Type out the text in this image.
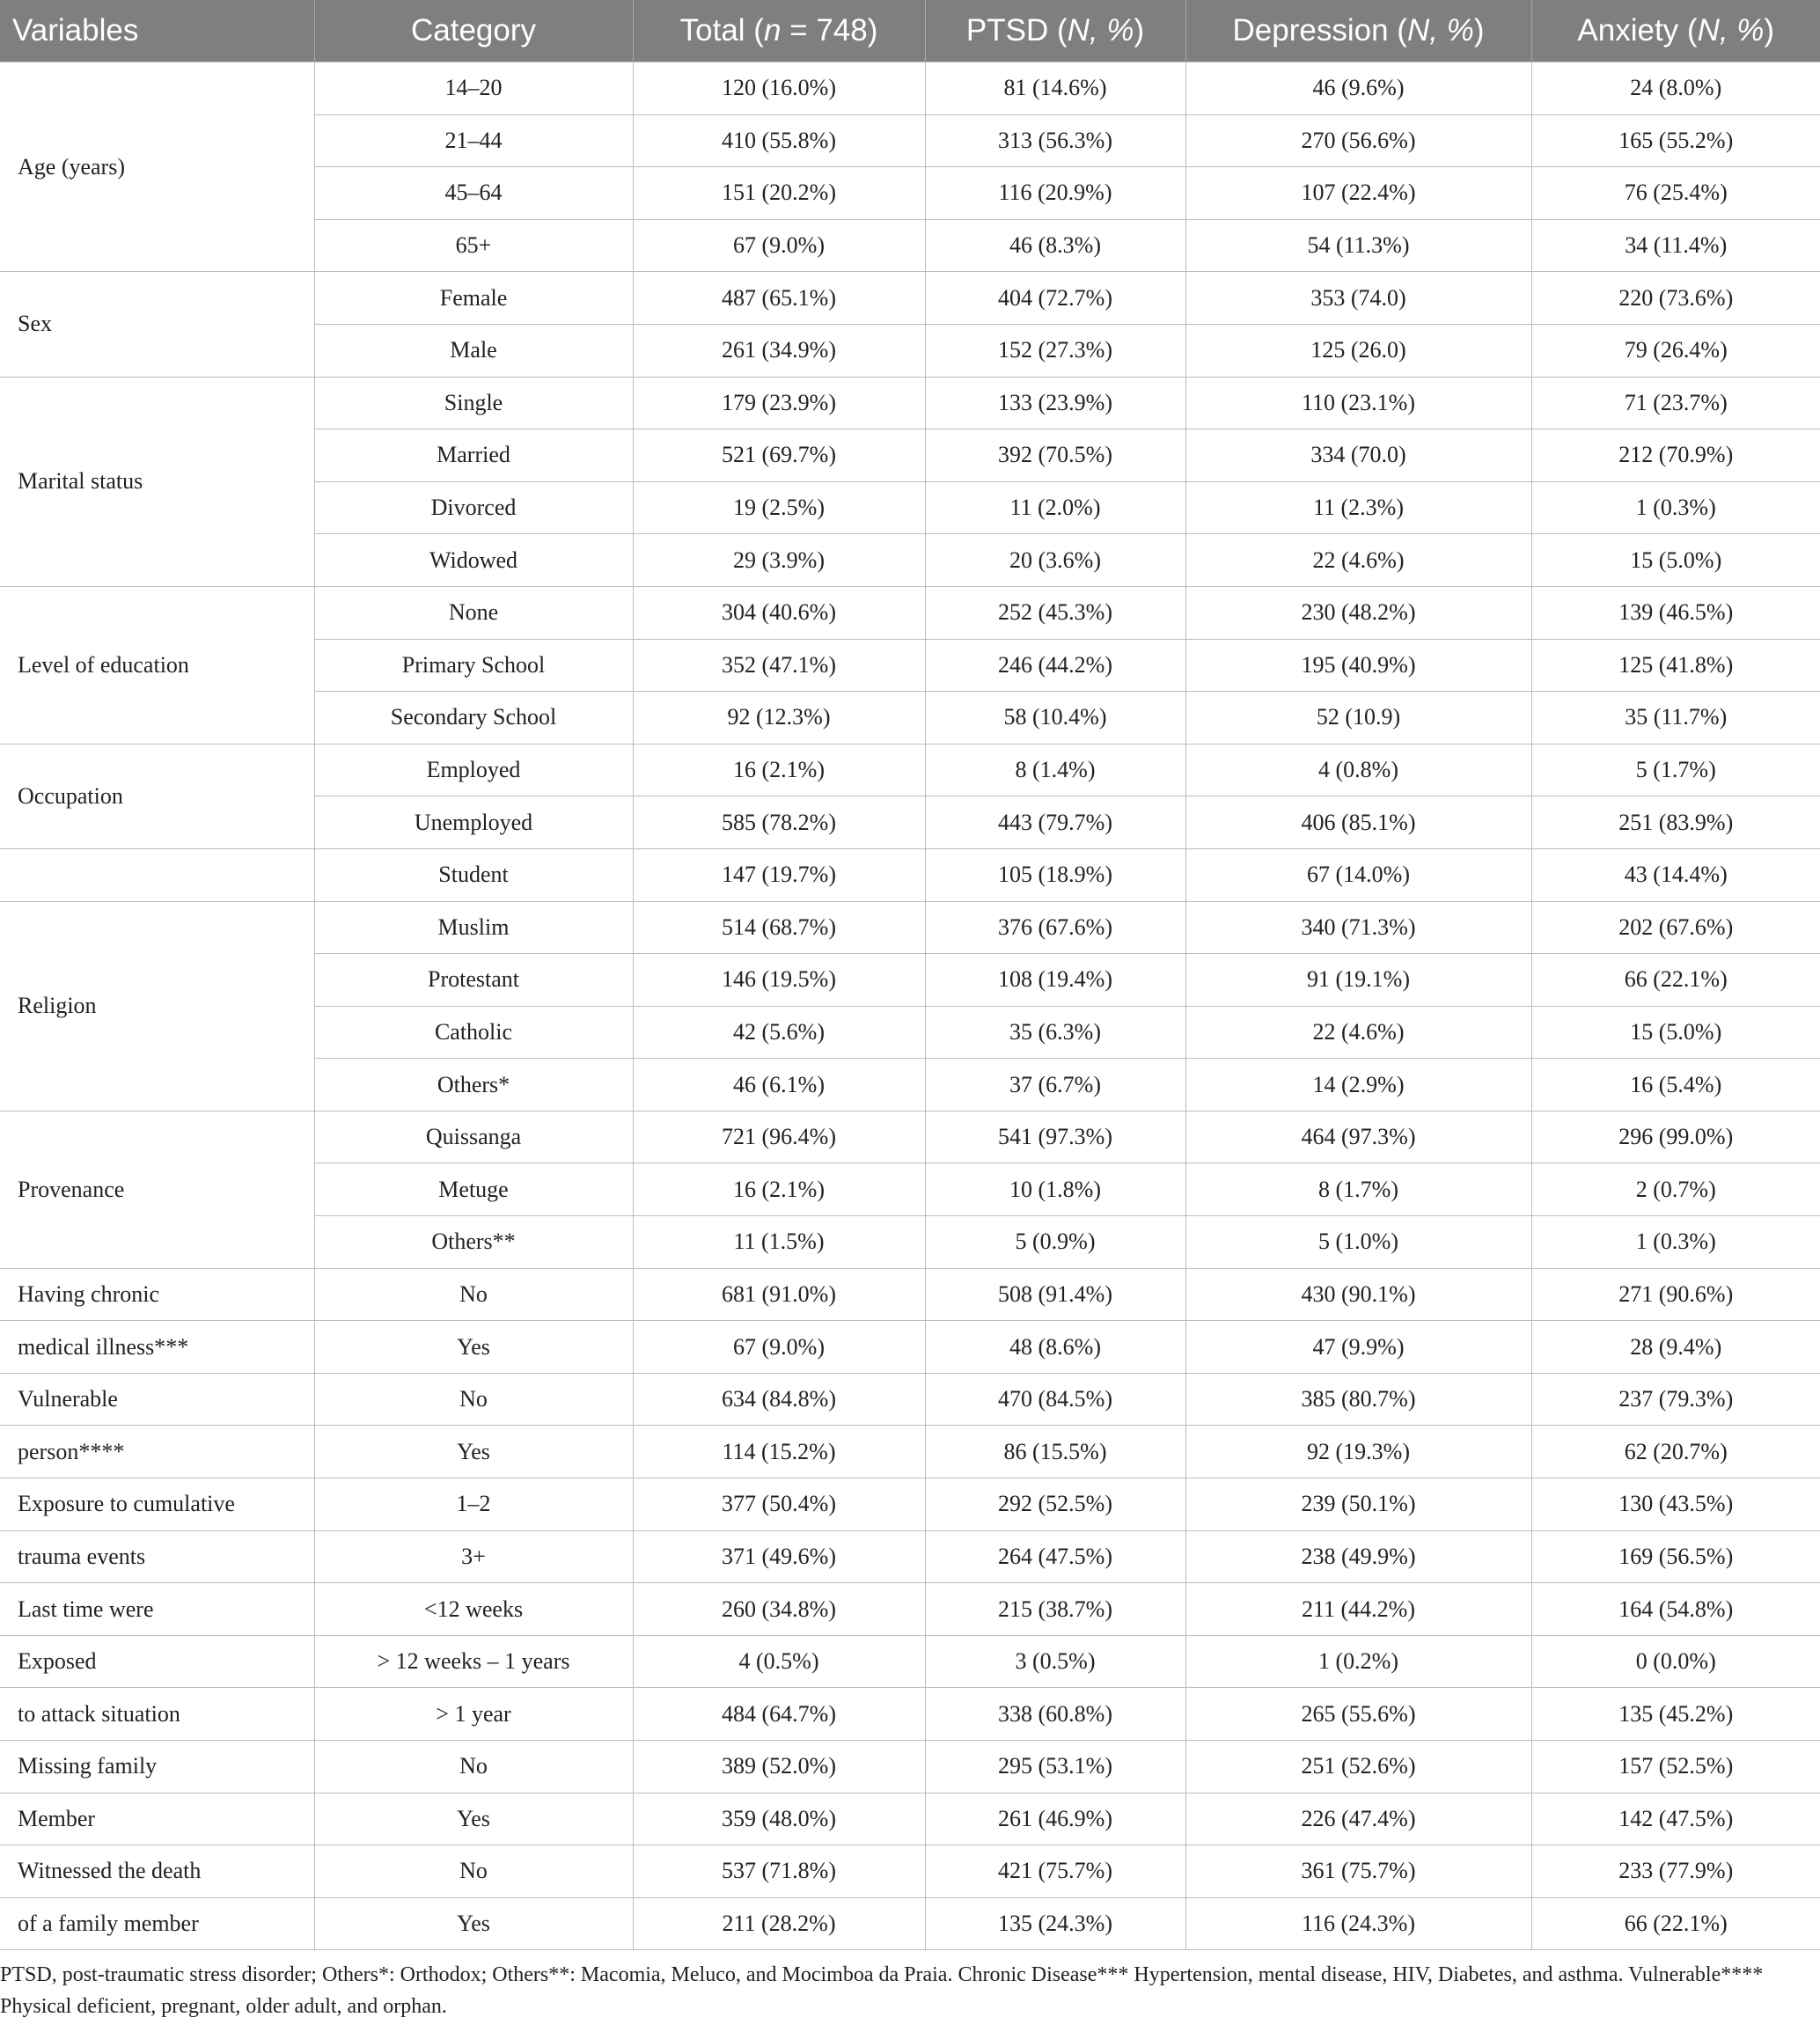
Variables	Category	Total (n = 748)	PTSD (N, %)	Depression (N, %)	Anxiety (N, %)
Age (years)	14–20	120 (16.0%)	81 (14.6%)	46 (9.6%)	24 (8.0%)
	21–44	410 (55.8%)	313 (56.3%)	270 (56.6%)	165 (55.2%)
	45–64	151 (20.2%)	116 (20.9%)	107 (22.4%)	76 (25.4%)
	65+	67 (9.0%)	46 (8.3%)	54 (11.3%)	34 (11.4%)
Sex	Female	487 (65.1%)	404 (72.7%)	353 (74.0)	220 (73.6%)
	Male	261 (34.9%)	152 (27.3%)	125 (26.0)	79 (26.4%)
Marital status	Single	179 (23.9%)	133 (23.9%)	110 (23.1%)	71 (23.7%)
	Married	521 (69.7%)	392 (70.5%)	334 (70.0)	212 (70.9%)
	Divorced	19 (2.5%)	11 (2.0%)	11 (2.3%)	1 (0.3%)
	Widowed	29 (3.9%)	20 (3.6%)	22 (4.6%)	15 (5.0%)
Level of education	None	304 (40.6%)	252 (45.3%)	230 (48.2%)	139 (46.5%)
	Primary School	352 (47.1%)	246 (44.2%)	195 (40.9%)	125 (41.8%)
	Secondary School	92 (12.3%)	58 (10.4%)	52 (10.9)	35 (11.7%)
Occupation	Employed	16 (2.1%)	8 (1.4%)	4 (0.8%)	5 (1.7%)
	Unemployed	585 (78.2%)	443 (79.7%)	406 (85.1%)	251 (83.9%)
	Student	147 (19.7%)	105 (18.9%)	67 (14.0%)	43 (14.4%)
Religion	Muslim	514 (68.7%)	376 (67.6%)	340 (71.3%)	202 (67.6%)
	Protestant	146 (19.5%)	108 (19.4%)	91 (19.1%)	66 (22.1%)
	Catholic	42 (5.6%)	35 (6.3%)	22 (4.6%)	15 (5.0%)
	Others*	46 (6.1%)	37 (6.7%)	14 (2.9%)	16 (5.4%)
Provenance	Quissanga	721 (96.4%)	541 (97.3%)	464 (97.3%)	296 (99.0%)
	Metuge	16 (2.1%)	10 (1.8%)	8 (1.7%)	2 (0.7%)
	Others**	11 (1.5%)	5 (0.9%)	5 (1.0%)	1 (0.3%)
Having chronic	No	681 (91.0%)	508 (91.4%)	430 (90.1%)	271 (90.6%)
medical illness***	Yes	67 (9.0%)	48 (8.6%)	47 (9.9%)	28 (9.4%)
Vulnerable	No	634 (84.8%)	470 (84.5%)	385 (80.7%)	237 (79.3%)
person****	Yes	114 (15.2%)	86 (15.5%)	92 (19.3%)	62 (20.7%)
Exposure to cumulative	1–2	377 (50.4%)	292 (52.5%)	239 (50.1%)	130 (43.5%)
trauma events	3+	371 (49.6%)	264 (47.5%)	238 (49.9%)	169 (56.5%)
Last time were	<12 weeks	260 (34.8%)	215 (38.7%)	211 (44.2%)	164 (54.8%)
Exposed	> 12 weeks – 1 years	4 (0.5%)	3 (0.5%)	1 (0.2%)	0 (0.0%)
to attack situation	> 1 year	484 (64.7%)	338 (60.8%)	265 (55.6%)	135 (45.2%)
Missing family	No	389 (52.0%)	295 (53.1%)	251 (52.6%)	157 (52.5%)
Member	Yes	359 (48.0%)	261 (46.9%)	226 (47.4%)	142 (47.5%)
Witnessed the death	No	537 (71.8%)	421 (75.7%)	361 (75.7%)	233 (77.9%)
of a family member	Yes	211 (28.2%)	135 (24.3%)	116 (24.3%)	66 (22.1%)

PTSD, post-traumatic stress disorder; Others*: Orthodox; Others**: Macomia, Meluco, and Mocimboa da Praia. Chronic Disease*** Hypertension, mental disease, HIV, Diabetes, and asthma. Vulnerable**** Physical deficient, pregnant, older adult, and orphan.
